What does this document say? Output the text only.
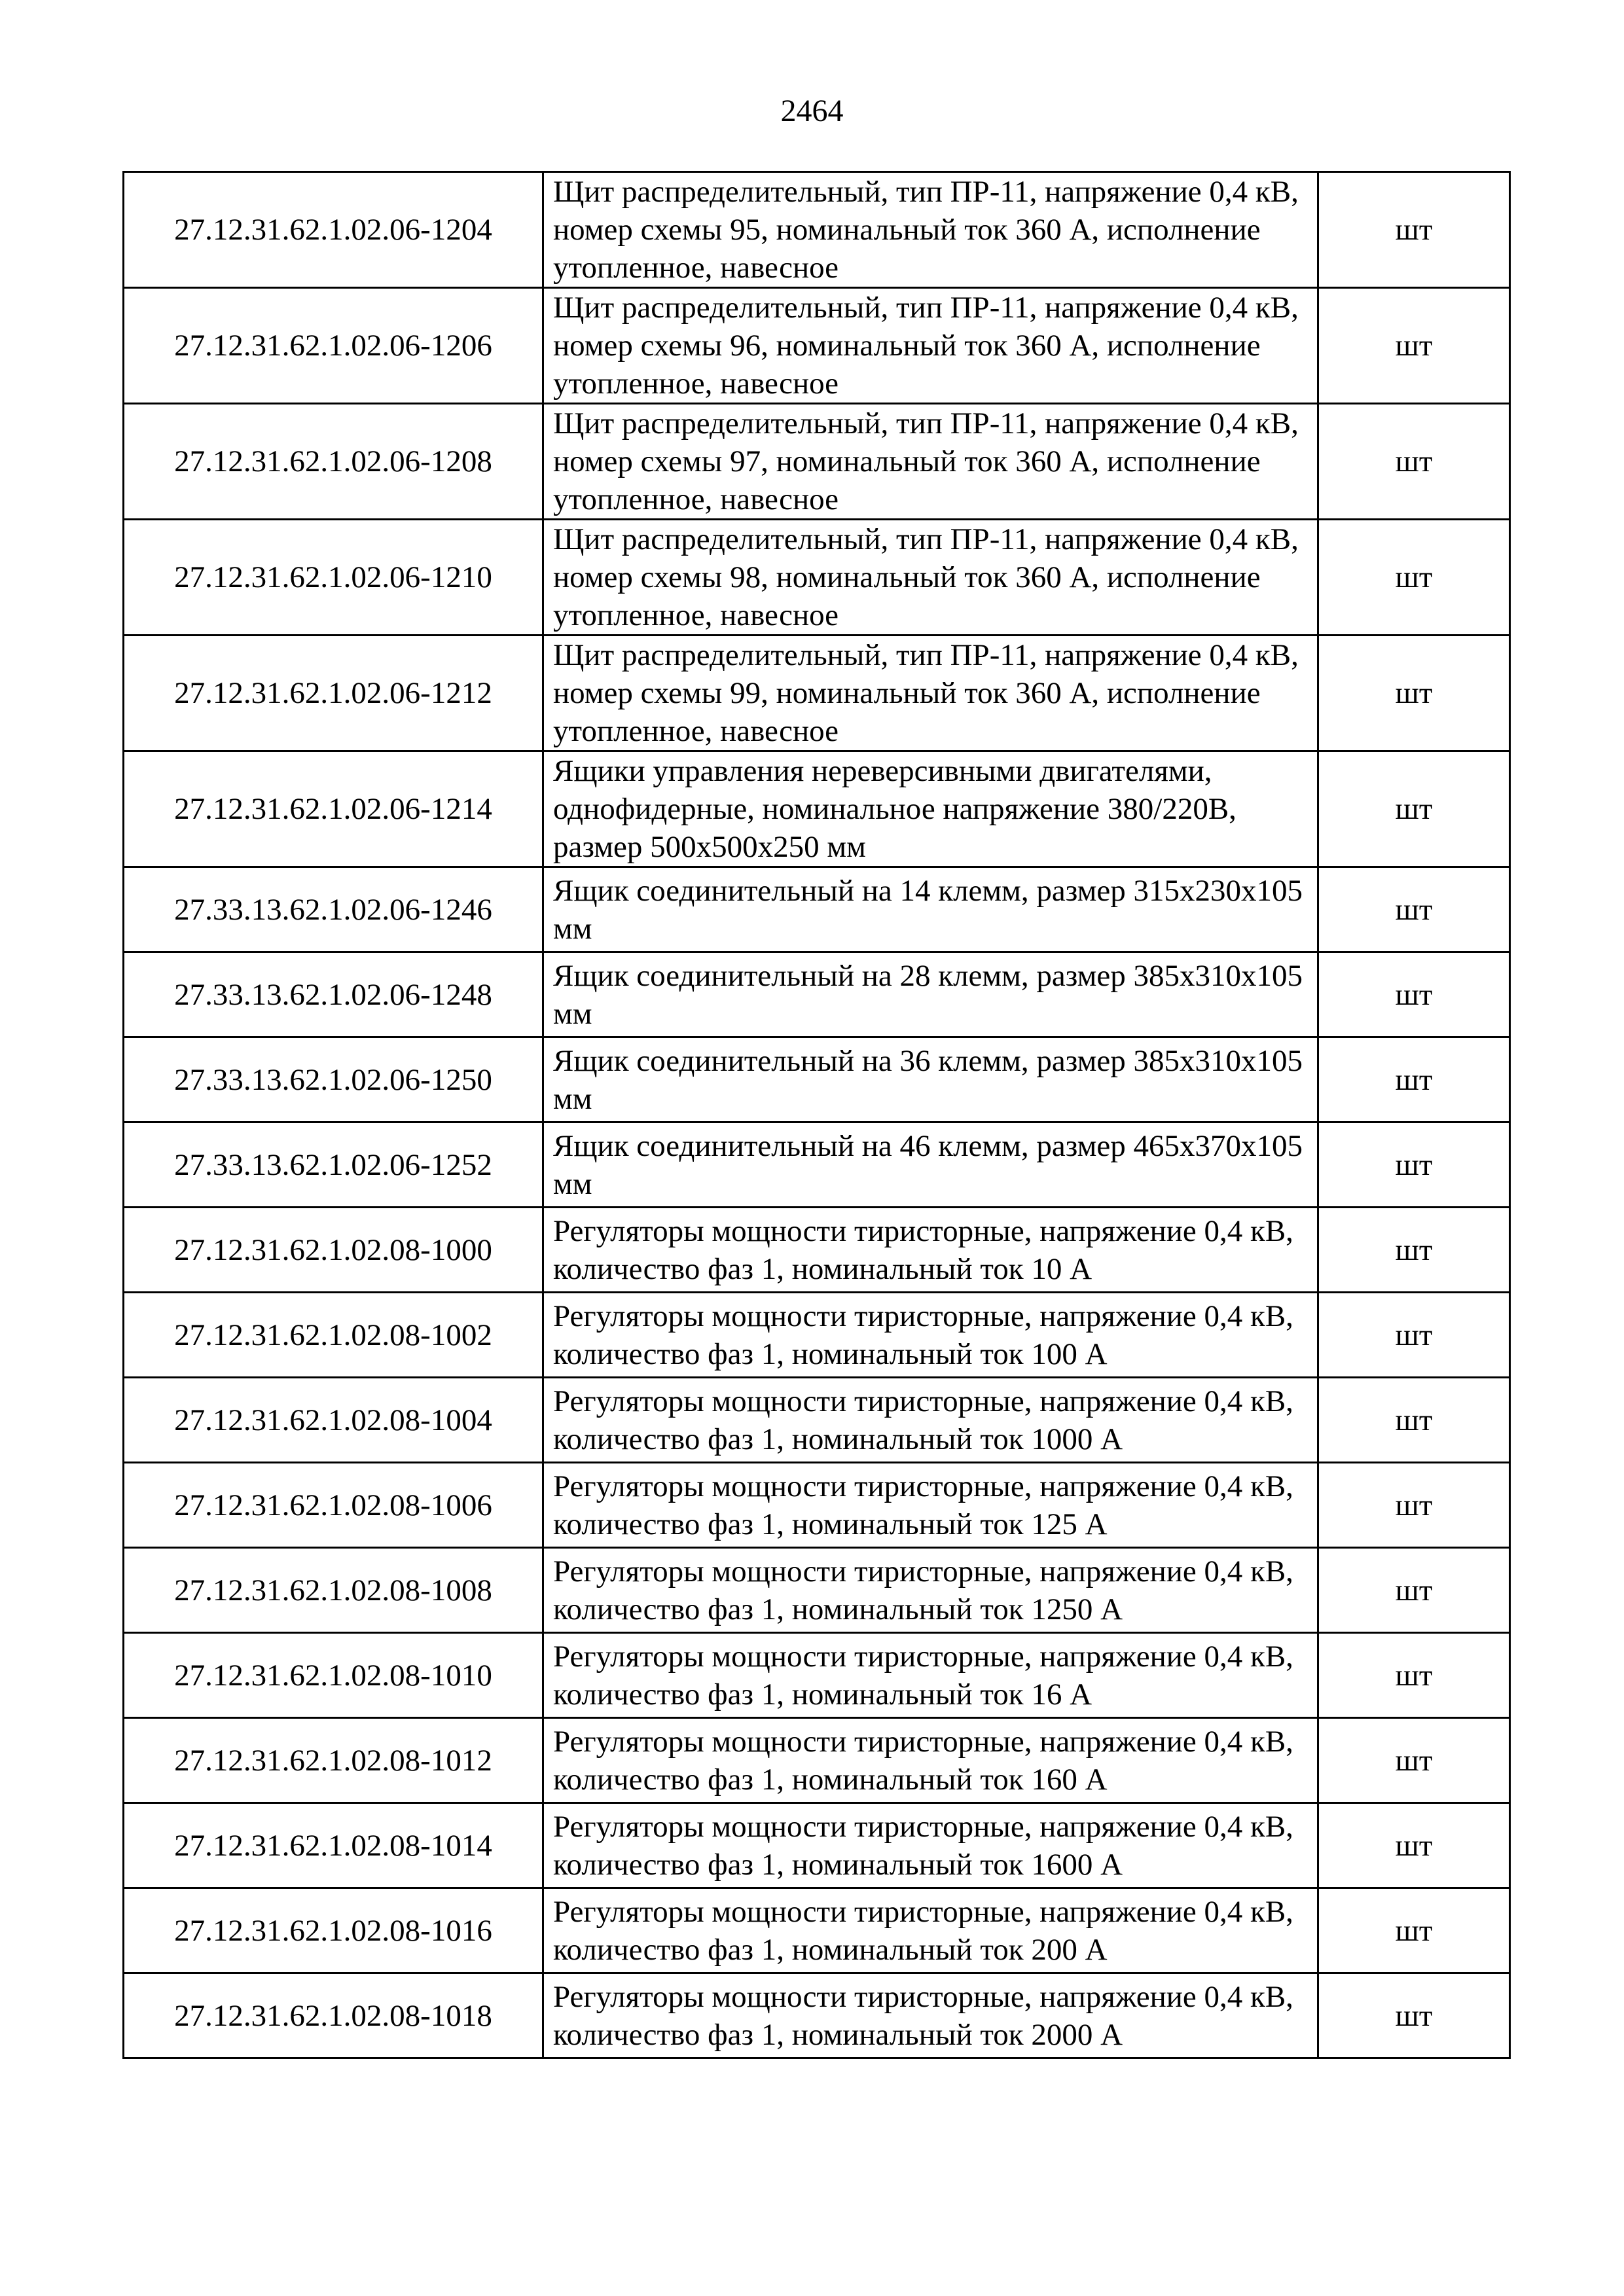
2464
27.12.31.62.1.02.06-1204	Щит распределительный, тип ПР-11, напряжение 0,4 кВ, номер схемы 95, номинальный ток 360 А, исполнение утопленное, навесное	шт
27.12.31.62.1.02.06-1206	Щит распределительный, тип ПР-11, напряжение 0,4 кВ, номер схемы 96, номинальный ток 360 А, исполнение утопленное, навесное	шт
27.12.31.62.1.02.06-1208	Щит распределительный, тип ПР-11, напряжение 0,4 кВ, номер схемы 97, номинальный ток 360 А, исполнение утопленное, навесное	шт
27.12.31.62.1.02.06-1210	Щит распределительный, тип ПР-11, напряжение 0,4 кВ, номер схемы 98, номинальный ток 360 А, исполнение утопленное, навесное	шт
27.12.31.62.1.02.06-1212	Щит распределительный, тип ПР-11, напряжение 0,4 кВ, номер схемы 99, номинальный ток 360 А, исполнение утопленное, навесное	шт
27.12.31.62.1.02.06-1214	Ящики управления нереверсивными двигателями, однофидерные, номинальное напряжение 380/220В, размер 500х500х250 мм	шт
27.33.13.62.1.02.06-1246	Ящик соединительный на 14 клемм, размер 315х230х105 мм	шт
27.33.13.62.1.02.06-1248	Ящик соединительный на 28 клемм, размер 385х310х105 мм	шт
27.33.13.62.1.02.06-1250	Ящик соединительный на 36 клемм, размер 385х310х105 мм	шт
27.33.13.62.1.02.06-1252	Ящик соединительный на 46 клемм, размер 465х370х105 мм	шт
27.12.31.62.1.02.08-1000	Регуляторы мощности тиристорные, напряжение 0,4 кВ, количество фаз 1, номинальный ток 10 А	шт
27.12.31.62.1.02.08-1002	Регуляторы мощности тиристорные, напряжение 0,4 кВ, количество фаз 1, номинальный ток 100 А	шт
27.12.31.62.1.02.08-1004	Регуляторы мощности тиристорные, напряжение 0,4 кВ, количество фаз 1, номинальный ток 1000 А	шт
27.12.31.62.1.02.08-1006	Регуляторы мощности тиристорные, напряжение 0,4 кВ, количество фаз 1, номинальный ток 125 А	шт
27.12.31.62.1.02.08-1008	Регуляторы мощности тиристорные, напряжение 0,4 кВ, количество фаз 1, номинальный ток 1250 А	шт
27.12.31.62.1.02.08-1010	Регуляторы мощности тиристорные, напряжение 0,4 кВ, количество фаз 1, номинальный ток 16 А	шт
27.12.31.62.1.02.08-1012	Регуляторы мощности тиристорные, напряжение 0,4 кВ, количество фаз 1, номинальный ток 160 А	шт
27.12.31.62.1.02.08-1014	Регуляторы мощности тиристорные, напряжение 0,4 кВ, количество фаз 1, номинальный ток 1600 А	шт
27.12.31.62.1.02.08-1016	Регуляторы мощности тиристорные, напряжение 0,4 кВ, количество фаз 1, номинальный ток 200 А	шт
27.12.31.62.1.02.08-1018	Регуляторы мощности тиристорные, напряжение 0,4 кВ, количество фаз 1, номинальный ток 2000 А	шт
